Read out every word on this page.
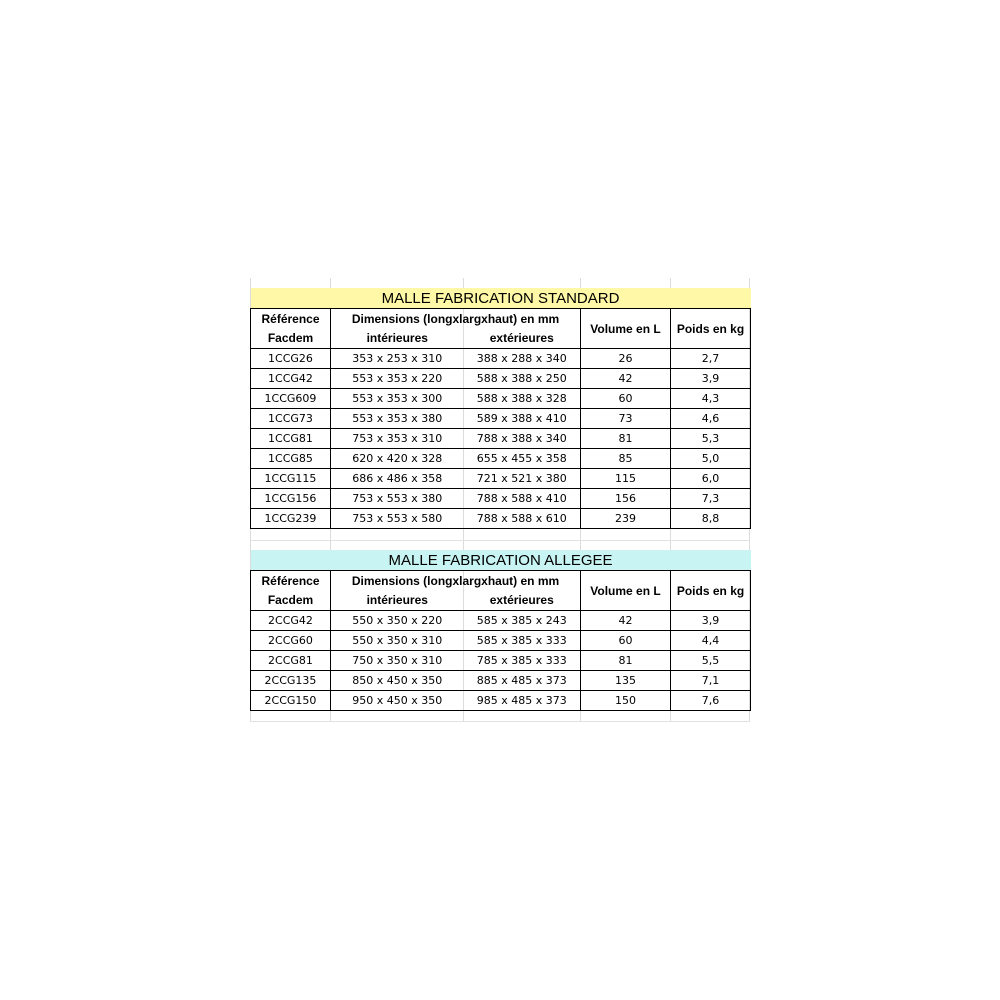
MALLE FABRICATION STANDARD				
Référence	Dimensions (longxlargxhaut) en mm		Volume en L	Poids en kg
Facdem	intérieures	extérieures		
1CCG26	353 x 253 x 310	388 x 288 x 340	26	2,7
1CCG42	553 x 353 x 220	588 x 388 x 250	42	3,9
1CCG609	553 x 353 x 300	588 x 388 x 328	60	4,3
1CCG73	553 x 353 x 380	589 x 388 x 410	73	4,6
1CCG81	753 x 353 x 310	788 x 388 x 340	81	5,3
1CCG85	620 x 420 x 328	655 x 455 x 358	85	5,0
1CCG115	686 x 486 x 358	721 x 521 x 380	115	6,0
1CCG156	753 x 553 x 380	788 x 588 x 410	156	7,3
1CCG239	753 x 553 x 580	788 x 588 x 610	239	8,8
MALLE FABRICATION ALLEGEE				
Référence	Dimensions (longxlargxhaut) en mm		Volume en L	Poids en kg
Facdem	intérieures	extérieures		
2CCG42	550 x 350 x 220	585 x 385 x 243	42	3,9
2CCG60	550 x 350 x 310	585 x 385 x 333	60	4,4
2CCG81	750 x 350 x 310	785 x 385 x 333	81	5,5
2CCG135	850 x 450 x 350	885 x 485 x 373	135	7,1
2CCG150	950 x 450 x 350	985 x 485 x 373	150	7,6
